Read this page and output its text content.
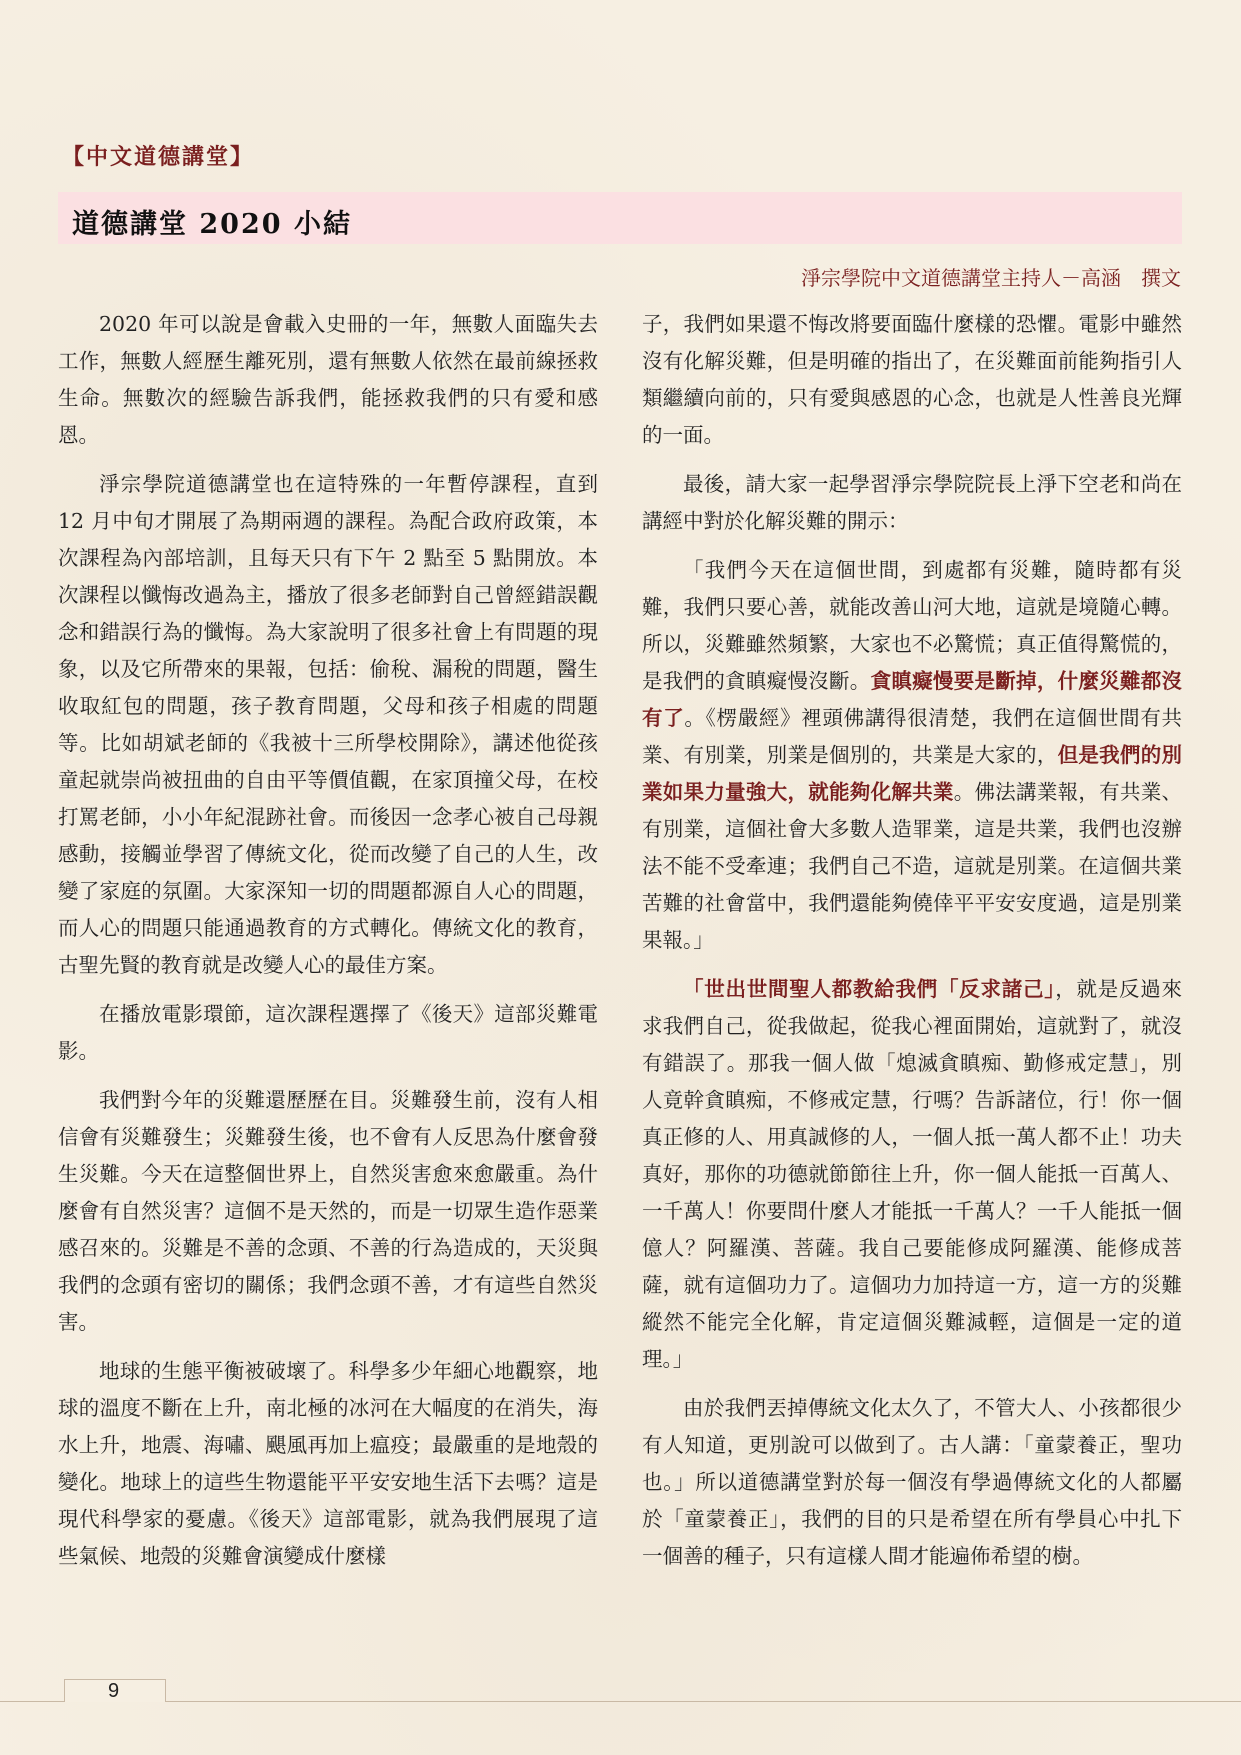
【中文道德講堂】
道德講堂 2020 小結
淨宗學院中文道德講堂主持人－高涵　撰文

2020 年可以說是會載入史冊的一年，無數人面臨失去工作，無數人經歷生離死別，還有無數人依然在最前線拯救生命。無數次的經驗告訴我們，能拯救我們的只有愛和感恩。

淨宗學院道德講堂也在這特殊的一年暫停課程，直到 12 月中旬才開展了為期兩週的課程。為配合政府政策，本次課程為內部培訓，且每天只有下午 2 點至 5 點開放。本次課程以懺悔改過為主，播放了很多老師對自己曾經錯誤觀念和錯誤行為的懺悔。為大家說明了很多社會上有問題的現象，以及它所帶來的果報，包括：偷稅、漏稅的問題，醫生收取紅包的問題，孩子教育問題，父母和孩子相處的問題等。比如胡斌老師的《我被十三所學校開除》，講述他從孩童起就崇尚被扭曲的自由平等價值觀，在家頂撞父母，在校打罵老師，小小年紀混跡社會。而後因一念孝心被自己母親感動，接觸並學習了傳統文化，從而改變了自己的人生，改變了家庭的氛圍。大家深知一切的問題都源自人心的問題，而人心的問題只能通過教育的方式轉化。傳統文化的教育，古聖先賢的教育就是改變人心的最佳方案。

在播放電影環節，這次課程選擇了《後天》這部災難電影。

我們對今年的災難還歷歷在目。災難發生前，沒有人相信會有災難發生；災難發生後，也不會有人反思為什麼會發生災難。今天在這整個世界上，自然災害愈來愈嚴重。為什麼會有自然災害？這個不是天然的，而是一切眾生造作惡業感召來的。災難是不善的念頭、不善的行為造成的，天災與我們的念頭有密切的關係；我們念頭不善，才有這些自然災害。

地球的生態平衡被破壞了。科學多少年細心地觀察，地球的溫度不斷在上升，南北極的冰河在大幅度的在消失，海水上升，地震、海嘯、颶風再加上瘟疫；最嚴重的是地殼的變化。地球上的這些生物還能平平安安地生活下去嗎？這是現代科學家的憂慮。《後天》這部電影，就為我們展現了這些氣候、地殼的災難會演變成什麼樣

子，我們如果還不悔改將要面臨什麼樣的恐懼。電影中雖然沒有化解災難，但是明確的指出了，在災難面前能夠指引人類繼續向前的，只有愛與感恩的心念，也就是人性善良光輝的一面。

最後，請大家一起學習淨宗學院院長上淨下空老和尚在講經中對於化解災難的開示：

「我們今天在這個世間，到處都有災難，隨時都有災難，我們只要心善，就能改善山河大地，這就是境隨心轉。所以，災難雖然頻繁，大家也不必驚慌；真正值得驚慌的，是我們的貪瞋癡慢沒斷。貪瞋癡慢要是斷掉，什麼災難都沒有了。《楞嚴經》裡頭佛講得很清楚，我們在這個世間有共業、有別業，別業是個別的，共業是大家的，但是我們的別業如果力量強大，就能夠化解共業。佛法講業報，有共業、有別業，這個社會大多數人造罪業，這是共業，我們也沒辦法不能不受牽連；我們自己不造，這就是別業。在這個共業苦難的社會當中，我們還能夠僥倖平平安安度過，這是別業果報。」

「世出世間聖人都教給我們「反求諸己」，就是反過來求我們自己，從我做起，從我心裡面開始，這就對了，就沒有錯誤了。那我一個人做「熄滅貪瞋痴、勤修戒定慧」，別人竟幹貪瞋痴，不修戒定慧，行嗎？告訴諸位，行！你一個真正修的人、用真誠修的人，一個人抵一萬人都不止！功夫真好，那你的功德就節節往上升，你一個人能抵一百萬人、一千萬人！你要問什麼人才能抵一千萬人？一千人能抵一個億人？阿羅漢、菩薩。我自己要能修成阿羅漢、能修成菩薩，就有這個功力了。這個功力加持這一方，這一方的災難縱然不能完全化解，肯定這個災難減輕，這個是一定的道理。」

由於我們丟掉傳統文化太久了，不管大人、小孩都很少有人知道，更別說可以做到了。古人講：「童蒙養正，聖功也。」所以道德講堂對於每一個沒有學過傳統文化的人都屬於「童蒙養正」，我們的目的只是希望在所有學員心中扎下一個善的種子，只有這樣人間才能遍佈希望的樹。

9
